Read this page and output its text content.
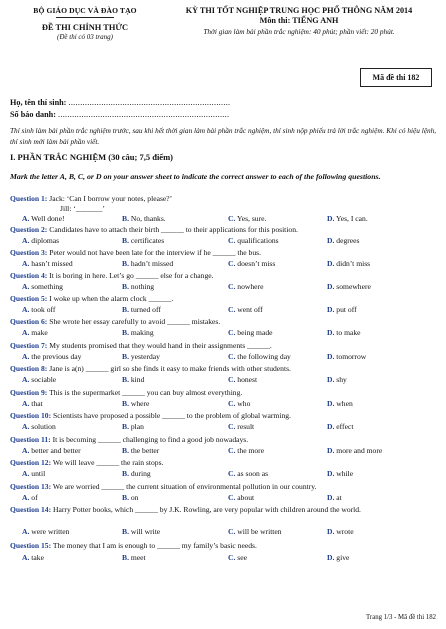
BỘ GIÁO DỤC VÀ ĐÀO TẠO
ĐỀ THI CHÍNH THỨC
(Đề thi có 03 trang)
KỲ THI TỐT NGHIỆP TRUNG HỌC PHỔ THÔNG NĂM 2014
Môn thi: TIẾNG ANH
Thời gian làm bài phần trắc nghiệm: 40 phút; phần viết: 20 phút.
Mã đề thi 182
Họ, tên thí sinh: .....................................................................
Số báo danh: .........................................................................
Thí sinh làm bài phần trắc nghiệm trước, sau khi hết thời gian làm bài phần trắc nghiệm, thí sinh nộp phiếu trả lời trắc nghiệm. Khi có hiệu lệnh, thí sinh mới làm bài phần viết.
I. PHẦN TRẮC NGHIỆM (30 câu; 7,5 điểm)
Mark the letter A, B, C, or D on your answer sheet to indicate the correct answer to each of the following questions.
Question 1: Jack: ‘Can I borrow your notes, please?’
Jill: ‘_______’
A. Well done!	B. No, thanks.	C. Yes, sure.	D. Yes, I can.
Question 2: Candidates have to attach their birth ______ to their applications for this position.
A. diplomas	B. certificates	C. qualifications	D. degrees
Question 3: Peter would not have been late for the interview if he ______ the bus.
A. hasn’t missed	B. hadn’t missed	C. doesn’t miss	D. didn’t miss
Question 4: It is boring in here. Let’s go ______ else for a change.
A. something	B. nothing	C. nowhere	D. somewhere
Question 5: I woke up when the alarm clock ______.
A. took off	B. turned off	C. went off	D. put off
Question 6: She wrote her essay carefully to avoid ______ mistakes.
A. make	B. making	C. being made	D. to make
Question 7: My students promised that they would hand in their assignments ______.
A. the previous day	B. yesterday	C. the following day	D. tomorrow
Question 8: Jane is a(n) ______ girl so she finds it easy to make friends with other students.
A. sociable	B. kind	C. honest	D. shy
Question 9: This is the supermarket ______ you can buy almost everything.
A. that	B. where	C. who	D. when
Question 10: Scientists have proposed a possible ______ to the problem of global warming.
A. solution	B. plan	C. result	D. effect
Question 11: It is becoming ______ challenging to find a good job nowadays.
A. better and better	B. the better	C. the more	D. more and more
Question 12: We will leave ______ the rain stops.
A. until	B. during	C. as soon as	D. while
Question 13: We are worried ______ the current situation of environmental pollution in our country.
A. of	B. on	C. about	D. at
Question 14: Harry Potter books, which ______ by J.K. Rowling, are very popular with children around the world.
A. were written	B. will write	C. will be written	D. wrote
Question 15: The money that I am is enough to ______ my family’s basic needs.
A. take	B. meet	C. see	D. give
Trang 1/3 - Mã đề thi 182
